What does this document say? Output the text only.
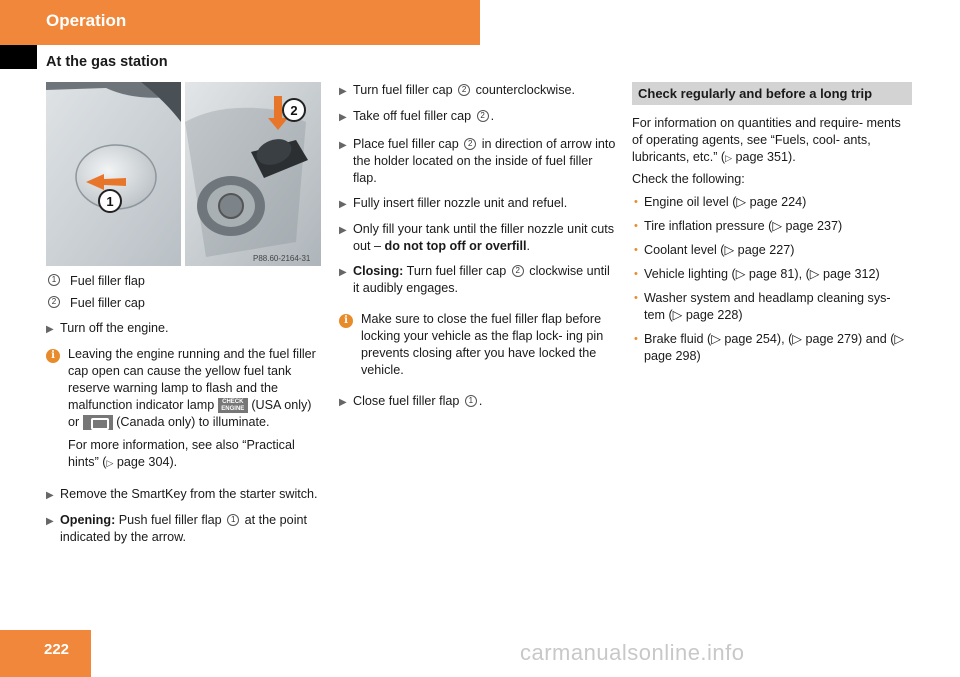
Operation
At the gas station
1
2
P88.60-2164-31
1	Fuel filler flap
2	Fuel filler cap
▶ Turn off the engine.
i	Leaving the engine running and the fuel filler cap open can cause the yellow fuel tank reserve warning lamp to flash and the malfunction indicator lamp CHECK ENGINE (USA only) or	(Canada only) to illuminate.

For more information, see also “Practical hints” (▷ page 304).

▶ Remove the SmartKey from the starter switch.
▶ Opening: Push fuel filler flap 1 at the point indicated by the arrow.
▶ Turn fuel filler cap 2 counterclockwise.
▶ Take off fuel filler cap 2 .
▶ Place fuel filler cap 2 in direction of arrow into the holder located on the inside of fuel filler flap.
▶ Fully insert filler nozzle unit and refuel.
▶ Only fill your tank until the filler nozzle unit cuts out – do not top off or overfill.
▶ Closing: Turn fuel filler cap 2 clockwise until it audibly engages.
i	Make sure to close the fuel filler flap before locking your vehicle as the flap lock- ing pin prevents closing after you have locked the vehicle.

▶ Close fuel filler flap 1 .
Check regularly and before a long trip

For information on quantities and require- ments of operating agents, see “Fuels, cool- ants, lubricants, etc.” (▷ page 351).

Check the following:

• Engine oil level (▷ page 224)
• Tire inflation pressure (▷ page 237)
• Coolant level (▷ page 227)
• Vehicle lighting (▷ page 81), (▷ page 312)
• Washer system and headlamp cleaning sys- tem (▷ page 228)
• Brake fluid (▷ page 254), (▷ page 279) and (▷ page 298)
222	carmanualsonline.info
